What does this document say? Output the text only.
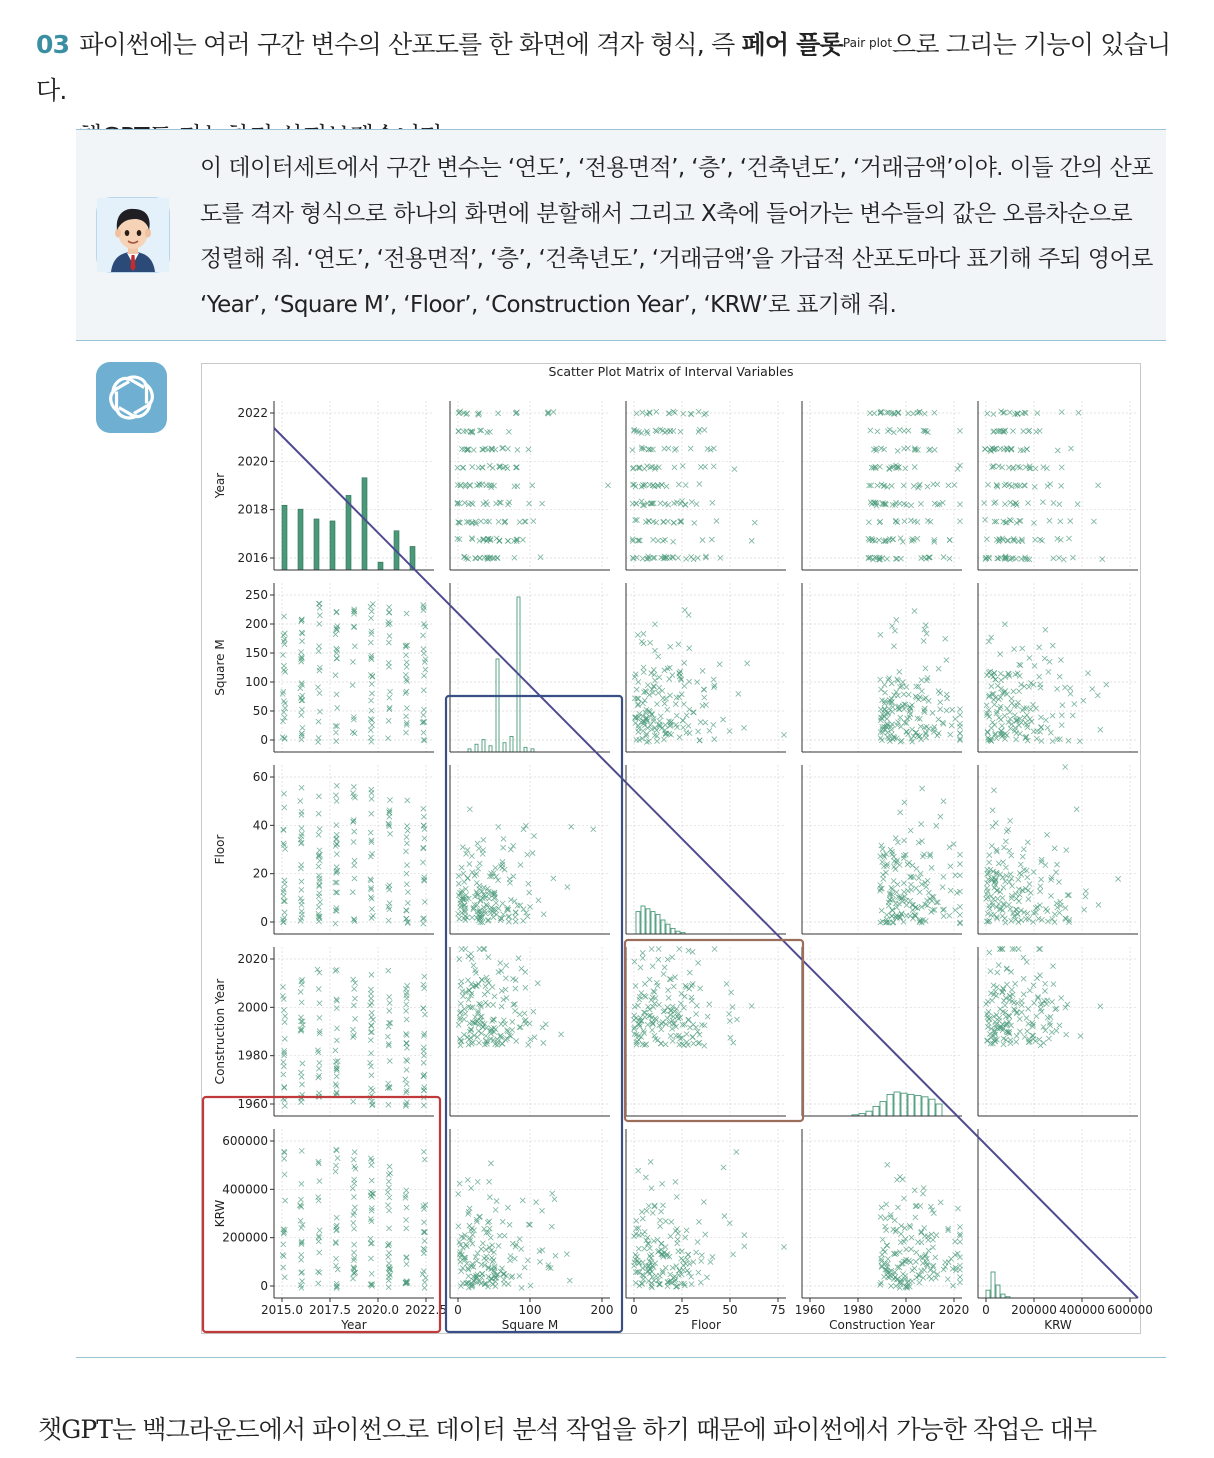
03 파이썬에는 여러 구간 변수의 산포도를 한 화면에 격자 형식, 즉 페어 플롯$^{Pair plot}$으로 그리는 기능이 있습니다.
이 데이터세트에서 구간 변수는 ‘연도’, ‘전용면적’, ‘층’, ‘건축년도’, ‘거래금액’이야. 이들 간의 산포도를 격자 형식으로 하나의 화면에 분할해서 그리고 X축에 들어가는 변수들의 값은 오름차순으로 정렬해 줘. ‘연도’, ‘전용면적’, ‘층’, ‘건축년도’, ‘거래금액’을 가급적 산포도마다 표기해 주되 영어로 ‘Year’, ‘Square M’, ‘Floor’, ‘Construction Year’, ‘KRW’로 표기해 줘.
Scatter Plot Matrix of Interval Variables
2016
2018
2020
2022
Year
0
50
100
150
200
250
Square M
0
20
40
60
Floor
1960
1980
2000
2020
Construction Year
0
200000
400000
600000
KRW
2015.0 2017.5 2020.0 2022.5
Year
0	100	200
Square M
0	25	50	75
Floor
1960 1980 2000 2020
Construction Year
0 200000 400000 600000
KRW
챗GPT는 백그라운드에서 파이썬으로 데이터 분석 작업을 하기 때문에 파이썬에서 가능한 작업은 대부
